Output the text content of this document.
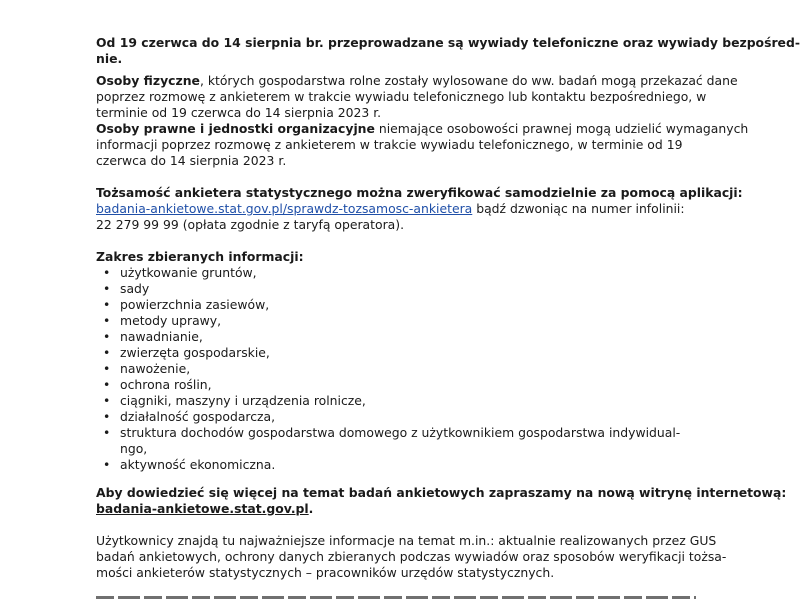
Od 19 czerwca do 14 sierpnia br. przeprowadzane są wywiady telefoniczne oraz wywiady bezpośred-
nie.
Osoby fizyczne, których gospodarstwa rolne zostały wylosowane do ww. badań mogą przekazać dane
poprzez rozmowę z ankieterem w trakcie wywiadu telefonicznego lub kontaktu bezpośredniego, w
terminie od 19 czerwca do 14 sierpnia 2023 r.
Osoby prawne i jednostki organizacyjne niemające osobowości prawnej mogą udzielić wymaganych
informacji poprzez rozmowę z ankieterem w trakcie wywiadu telefonicznego, w terminie od 19
czerwca do 14 sierpnia 2023 r.
Tożsamość ankietera statystycznego można zweryfikować samodzielnie za pomocą aplikacji:
badania-ankietowe.stat.gov.pl/sprawdz-tozsamosc-ankietera bądź dzwoniąc na numer infolinii:
22 279 99 99 (opłata zgodnie z taryfą operatora).
Zakres zbieranych informacji:
• użytkowanie gruntów,
• sady
• powierzchnia zasiewów,
• metody uprawy,
• nawadnianie,
• zwierzęta gospodarskie,
• nawożenie,
• ochrona roślin,
• ciągniki, maszyny i urządzenia rolnicze,
• działalność gospodarcza,
• struktura dochodów gospodarstwa domowego z użytkownikiem gospodarstwa indywidual-
ngo,
• aktywność ekonomiczna.
Aby dowiedzieć się więcej na temat badań ankietowych zapraszamy na nową witrynę internetową:
badania-ankietowe.stat.gov.pl.
Użytkownicy znajdą tu najważniejsze informacje na temat m.in.: aktualnie realizowanych przez GUS
badań ankietowych, ochrony danych zbieranych podczas wywiadów oraz sposobów weryfikacji tożsa-
mości ankieterów statystycznych – pracowników urzędów statystycznych.
